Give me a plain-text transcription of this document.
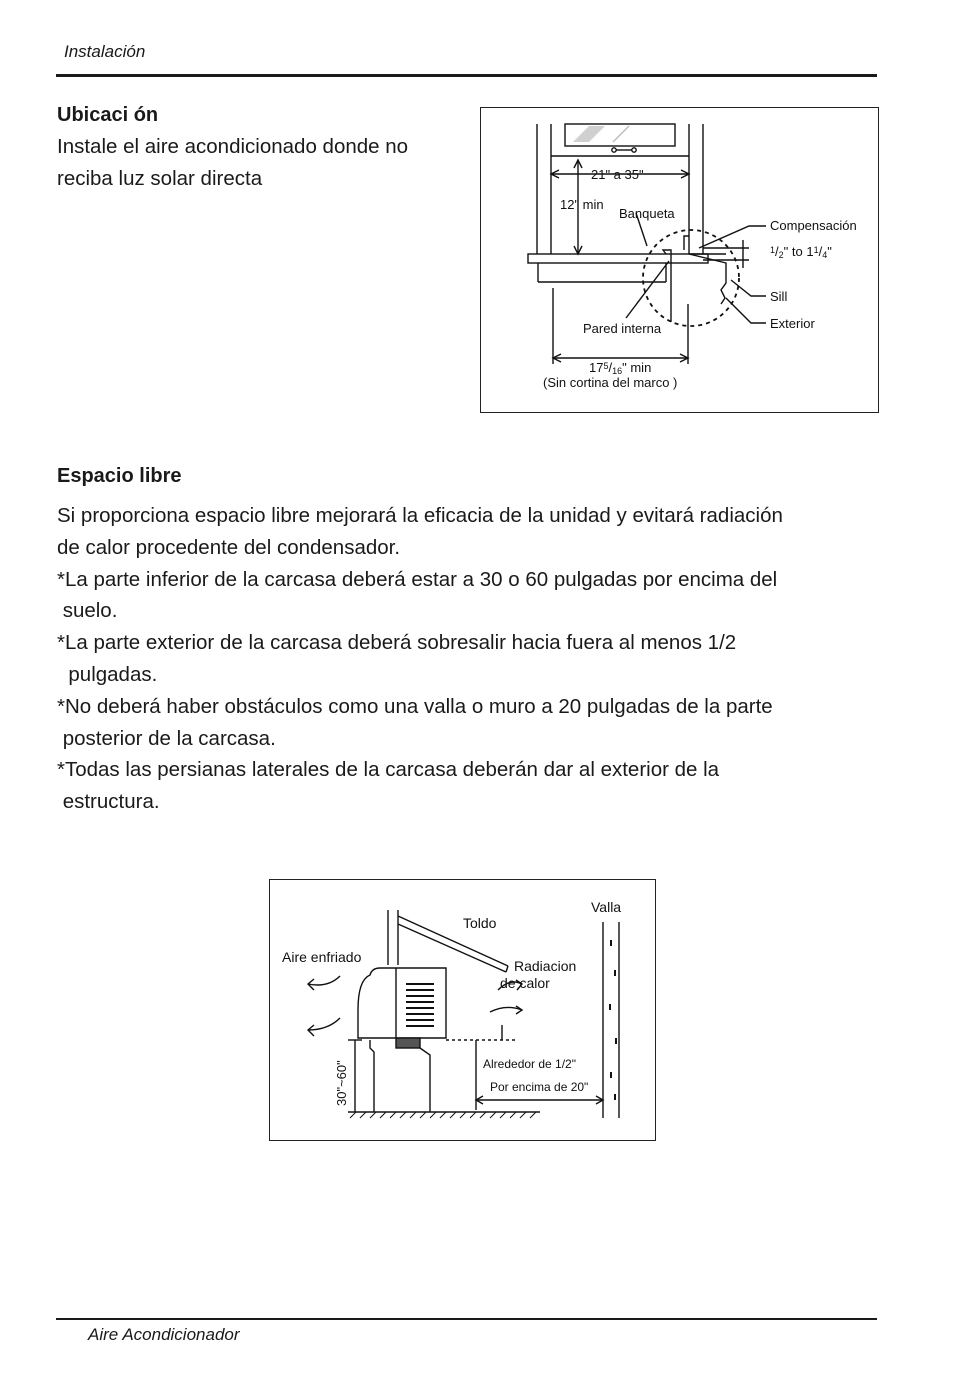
Instalación
Ubicaci ón

Instale el aire acondicionado donde no

reciba luz solar directa	21" a 35"
12" min
Banqueta
Compensación
$^1$/2" to $1^1/4$"
Sill
Exterior
Pared interna
$17^5/16$" min
(Sin cortina del marco )
Espacio libre

Si proporciona espacio libre mejorará la eficacia de la unidad y evitará radiación

de calor procedente del condensador.

*La parte inferior de la carcasa deberá estar a 30 o 60 pulgadas por encima del

suelo.

*La parte exterior de la carcasa deberá sobresalir hacia fuera al menos 1/2

pulgadas.

*No deberá haber obstáculos como una valla o muro a 20 pulgadas de la parte

posterior de la carcasa.

*Todas las persianas laterales de la carcasa deberán dar al exterior de la

estructura.

Valla
Toldo
Aire enfriado
Radiacion
de calor
30"~60"	Alrededor de 1/2"
Por encima de 20"
Aire Acondicionador
